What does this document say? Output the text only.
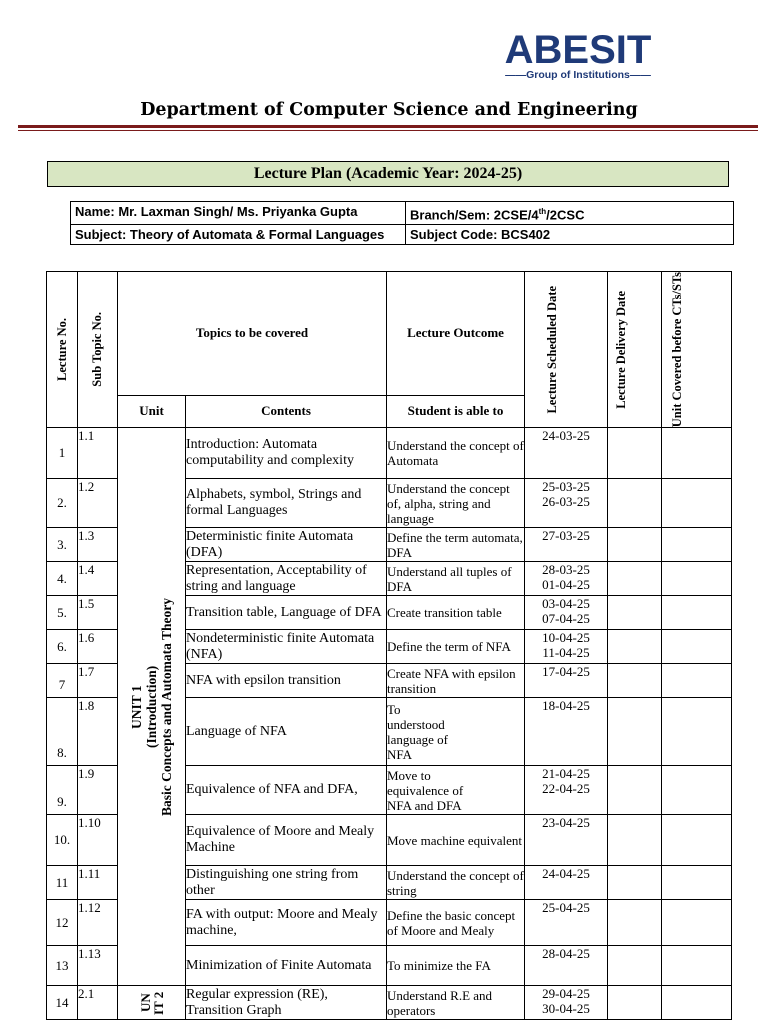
ABESIT
——Group of Institutions——
Department of Computer Science and Engineering
Lecture Plan (Academic Year: 2024-25)
Name: Mr. Laxman Singh/ Ms. Priyanka Gupta	Branch/Sem: 2CSE/4th/2CSC
Subject: Theory of Automata & Formal Languages	Subject Code: BCS402
Lecture No.	Sub Topic No.	Topics to be covered		Lecture Outcome	Lecture Scheduled Date	Lecture Delivery Date	Unit Covered before CTs/STs

		Unit	Contents	Student is able to			
1	1.1	UNIT 1 (Introduction) Basic Concepts and Automata Theory	Introduction: Automata computability and complexity	Understand the concept of Automata	24-03-25		
2.	1.2		Alphabets, symbol, Strings and formal Languages	Understand the concept of, alpha, string and language	25-03-25
26-03-25		
3.	1.3		Deterministic finite Automata (DFA)	Define the term automata, DFA	27-03-25		
4.	1.4		Representation, Acceptability of string and language	Understand all tuples of DFA	28-03-25
01-04-25		
5.	1.5		Transition table, Language of DFA	Create transition table	03-04-25
07-04-25		
6.	1.6		Nondeterministic finite Automata (NFA)	Define the term of NFA	10-04-25
11-04-25		
7	1.7		NFA with epsilon transition	Create NFA with epsilon transition	17-04-25		
8.	1.8		Language of NFA	To
understood
language of
NFA	18-04-25		
9.	1.9		Equivalence of NFA and DFA,	Move to
equivalence of
NFA and DFA	21-04-25
22-04-25		
10.	1.10		Equivalence of Moore and Mealy Machine	Move machine equivalent	23-04-25		
11	1.11		Distinguishing one string from other	Understand the concept of string	24-04-25		
12	1.12		FA with output: Moore and Mealy machine,	Define the basic concept of Moore and Mealy	25-04-25		
13	1.13		Minimization of Finite Automata	To minimize the FA	28-04-25		
14	2.1	UN IT 2	Regular expression (RE), Transition Graph	Understand R.E and operators	29-04-25
30-04-25		
